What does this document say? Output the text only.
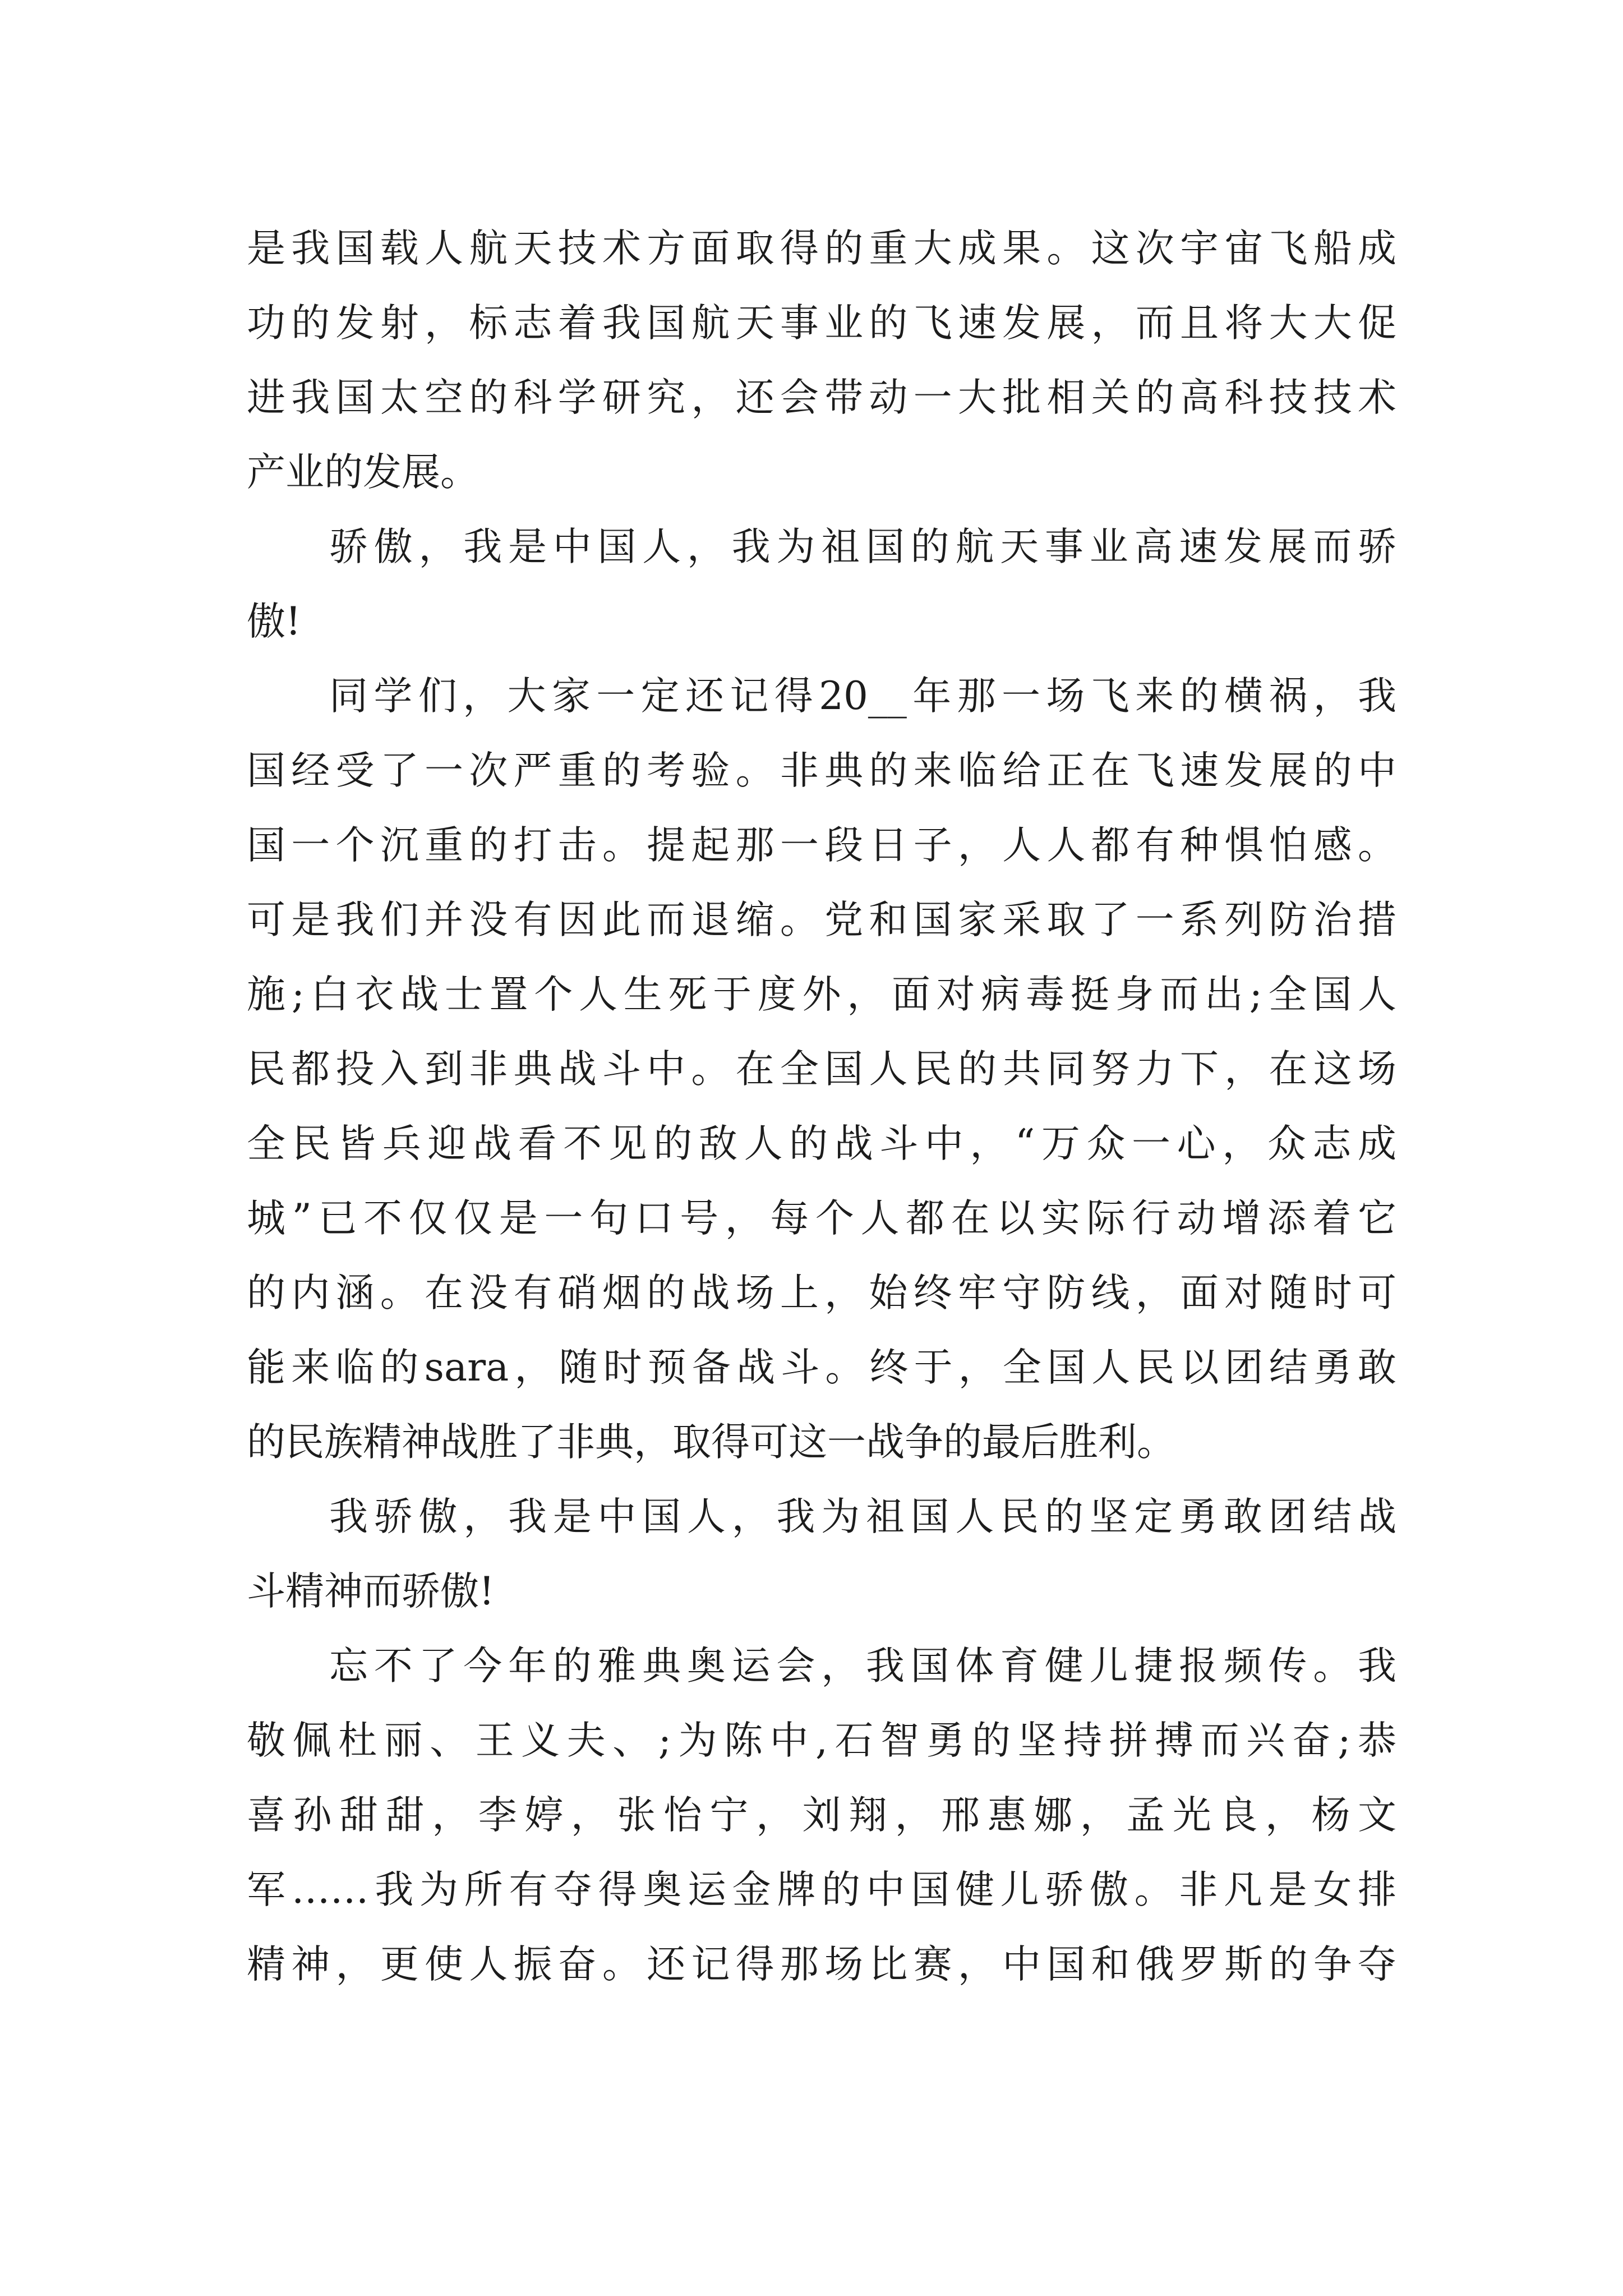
是我国载人航天技术方面取得的重大成果。这次宇宙飞船成
功的发射，标志着我国航天事业的飞速发展，而且将大大促
进我国太空的科学研究，还会带动一大批相关的高科技技术
产业的发展。
骄傲，我是中国人，我为祖国的航天事业高速发展而骄
傲!
同学们，大家一定还记得20__年那一场飞来的横祸，我
国经受了一次严重的考验。非典的来临给正在飞速发展的中
国一个沉重的打击。提起那一段日子，人人都有种惧怕感。
可是我们并没有因此而退缩。党和国家采取了一系列防治措
施;白衣战士置个人生死于度外，面对病毒挺身而出;全国人
民都投入到非典战斗中。在全国人民的共同努力下，在这场
全民皆兵迎战看不见的敌人的战斗中，“万众一心，众志成
城”已不仅仅是一句口号，每个人都在以实际行动增添着它
的内涵。在没有硝烟的战场上，始终牢守防线，面对随时可
能来临的sara，随时预备战斗。终于，全国人民以团结勇敢
的民族精神战胜了非典，取得可这一战争的最后胜利。
我骄傲，我是中国人，我为祖国人民的坚定勇敢团结战
斗精神而骄傲!
忘不了今年的雅典奥运会，我国体育健儿捷报频传。我
敬佩杜丽、王义夫、;为陈中,石智勇的坚持拼搏而兴奋;恭
喜孙甜甜，李婷，张怡宁，刘翔，邢惠娜，孟光良，杨文
军……我为所有夺得奥运金牌的中国健儿骄傲。非凡是女排
精神，更使人振奋。还记得那场比赛，中国和俄罗斯的争夺
